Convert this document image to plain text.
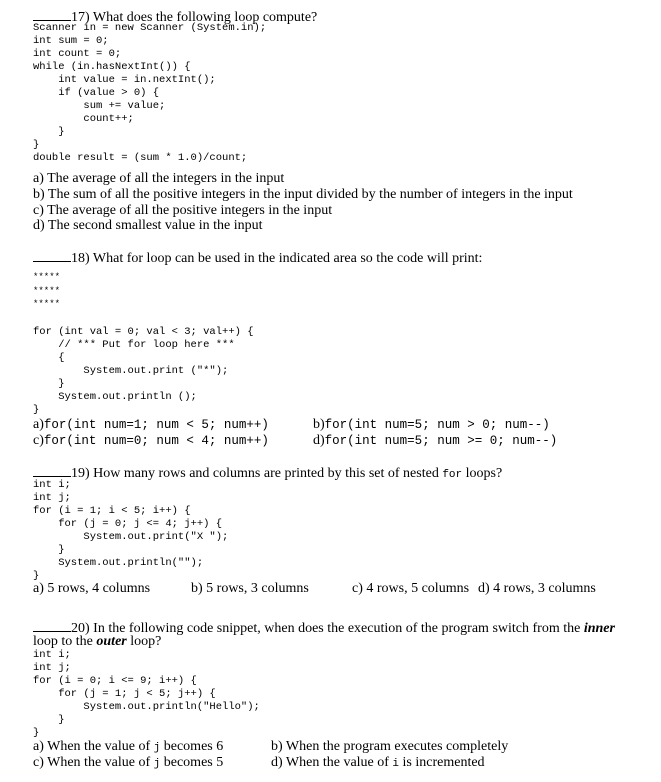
17) What does the following loop compute?
Scanner in = new Scanner (System.in);
int sum = 0;
int count = 0;
while (in.hasNextInt()) {
int value = in.nextInt();
if (value > 0) {
sum += value;
count++;
}
}
double result = (sum * 1.0)/count;
a) The average of all the integers in the input
b) The sum of all the positive integers in the input divided by the number of integers in the input
c) The average of all the positive integers in the input
d) The second smallest value in the input
18) What for loop can be used in the indicated area so the code will print:
*****
*****
*****
for (int val = 0; val < 3; val++) {
// *** Put for loop here ***
{
System.out.print ("*");
}
System.out.println ();
}
a)for(int num=1; num < 5; num++)	b)for(int num=5; num > 0; num--)
c)for(int num=0; num < 4; num++)	d)for(int num=5; num >= 0; num--)
19) How many rows and columns are printed by this set of nested for loops?
int i;
int j;
for (i = 1; i < 5; i++) {
for (j = 0; j <= 4; j++) {
System.out.print("X ");
}
System.out.println("");
}
a) 5 rows, 4 columns	b) 5 rows, 3 columns	c) 4 rows, 5 columns d) 4 rows, 3 columns
20) In the following code snippet, when does the execution of the program switch from the inner
loop to the outer loop?
int i;
int j;
for (i = 0; i <= 9; i++) {
for (j = 1; j < 5; j++) {
System.out.println("Hello");
}
}
a) When the value of j becomes 6	b) When the program executes completely
c) When the value of j becomes 5	d) When the value of i is incremented
